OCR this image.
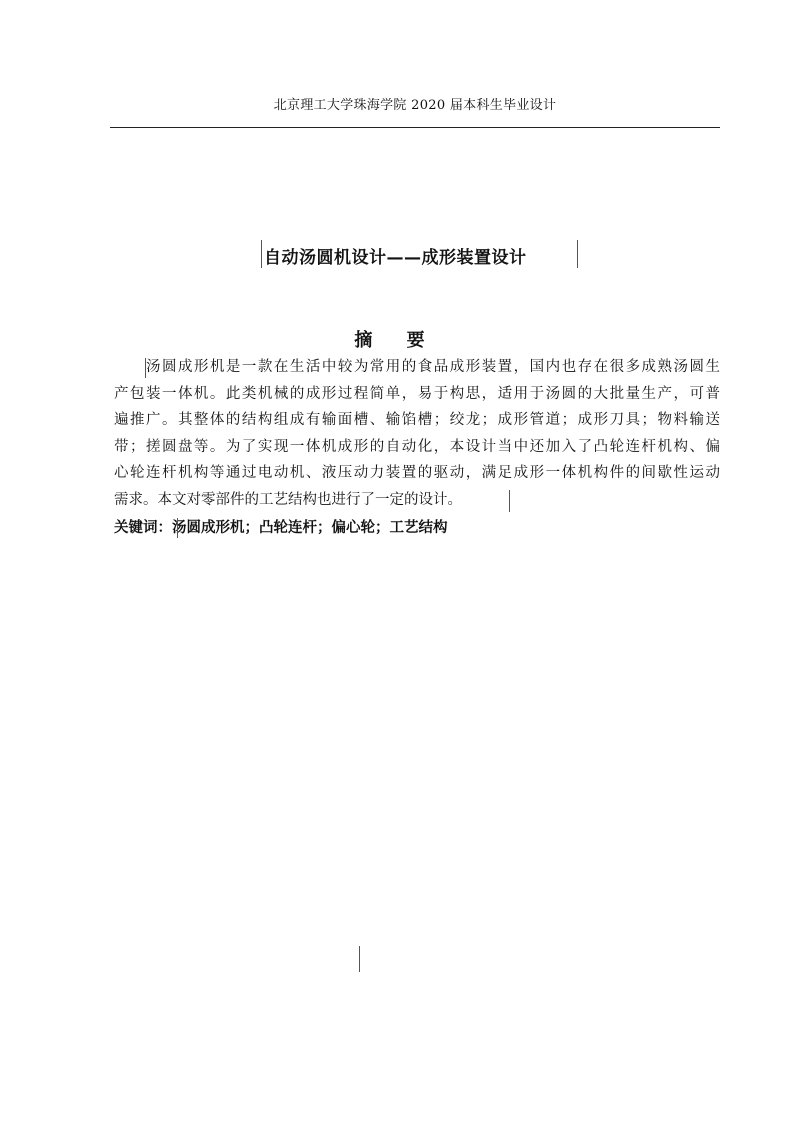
北京理工大学珠海学院 2020 届本科生毕业设计
自动汤圆机设计——成形装置设计
摘 要
汤圆成形机是一款在生活中较为常用的食品成形装置，国内也存在很多成熟汤圆生
产包装一体机。此类机械的成形过程简单，易于构思，适用于汤圆的大批量生产，可普
遍推广。其整体的结构组成有输面槽、输馅槽；绞龙；成形管道；成形刀具；物料输送
带；搓圆盘等。为了实现一体机成形的自动化，本设计当中还加入了凸轮连杆机构、偏
心轮连杆机构等通过电动机、液压动力装置的驱动，满足成形一体机构件的间歇性运动
需求。本文对零部件的工艺结构也进行了一定的设计。
关键词：汤圆成形机；凸轮连杆；偏心轮；工艺结构
